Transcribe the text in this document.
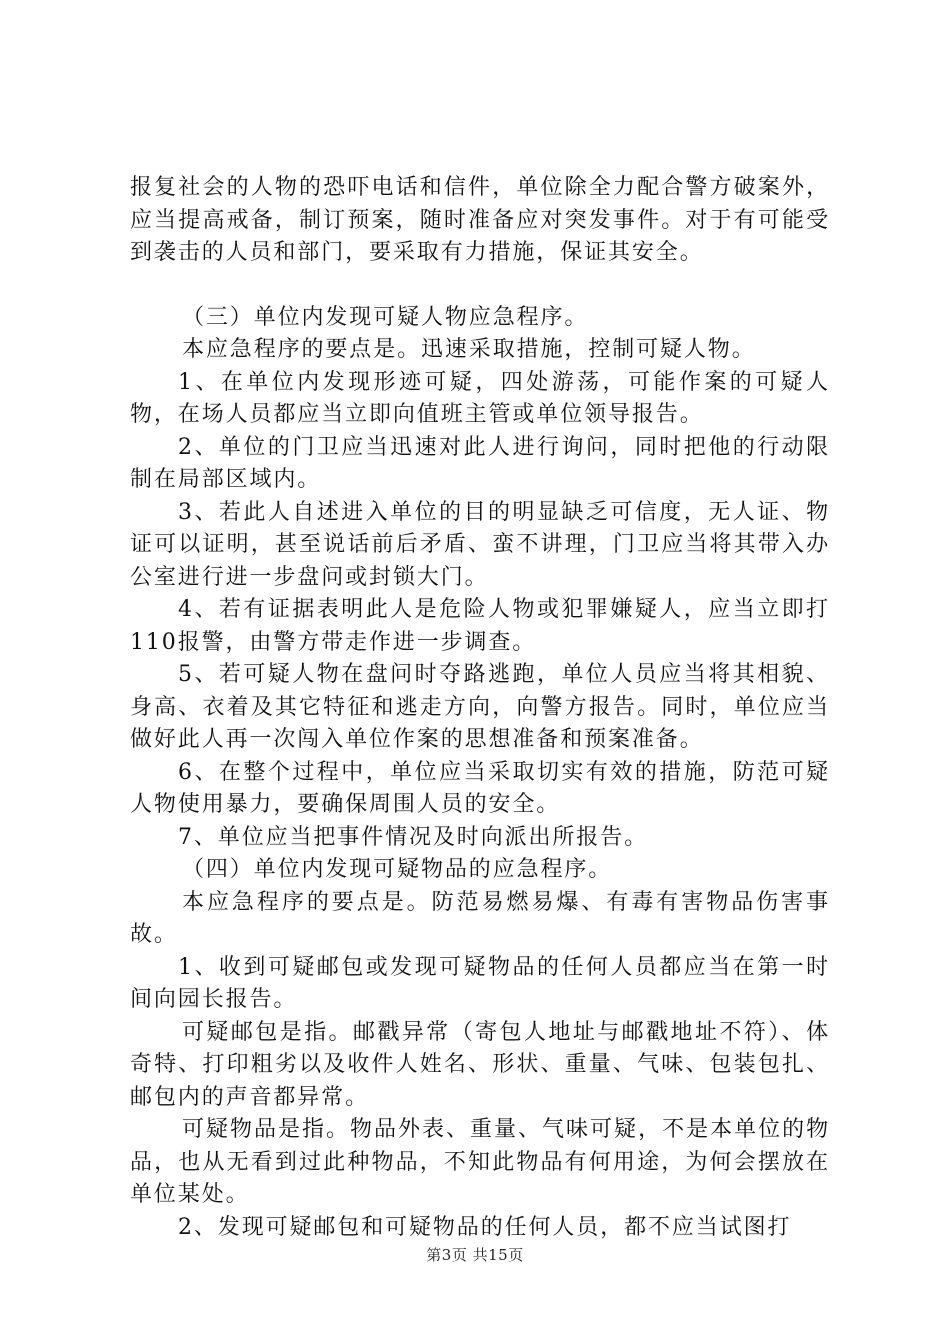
报复社会的人物的恐吓电话和信件，单位除全力配合警方破案外，应当提高戒备，制订预案，随时准备应对突发事件。对于有可能受到袭击的人员和部门，要采取有力措施，保证其安全。

（三）单位内发现可疑人物应急程序。

本应急程序的要点是。迅速采取措施，控制可疑人物。

1、在单位内发现形迹可疑，四处游荡，可能作案的可疑人物，在场人员都应当立即向值班主管或单位领导报告。

2、单位的门卫应当迅速对此人进行询问，同时把他的行动限制在局部区域内。

3、若此人自述进入单位的目的明显缺乏可信度，无人证、物证可以证明，甚至说话前后矛盾、蛮不讲理，门卫应当将其带入办公室进行进一步盘问或封锁大门。

4、若有证据表明此人是危险人物或犯罪嫌疑人，应当立即打110报警，由警方带走作进一步调查。

5、若可疑人物在盘问时夺路逃跑，单位人员应当将其相貌、身高、衣着及其它特征和逃走方向，向警方报告。同时，单位应当做好此人再一次闯入单位作案的思想准备和预案准备。

6、在整个过程中，单位应当采取切实有效的措施，防范可疑人物使用暴力，要确保周围人员的安全。

7、单位应当把事件情况及时向派出所报告。

（四）单位内发现可疑物品的应急程序。

本应急程序的要点是。防范易燃易爆、有毒有害物品伤害事故。

1、收到可疑邮包或发现可疑物品的任何人员都应当在第一时间向园长报告。

可疑邮包是指。邮戳异常（寄包人地址与邮戳地址不符）、体奇特、打印粗劣以及收件人姓名、形状、重量、气味、包装包扎、邮包内的声音都异常。

可疑物品是指。物品外表、重量、气味可疑，不是本单位的物品，也从无看到过此种物品，不知此物品有何用途，为何会摆放在单位某处。

2、发现可疑邮包和可疑物品的任何人员，都不应当试图打

第3页 共15页
